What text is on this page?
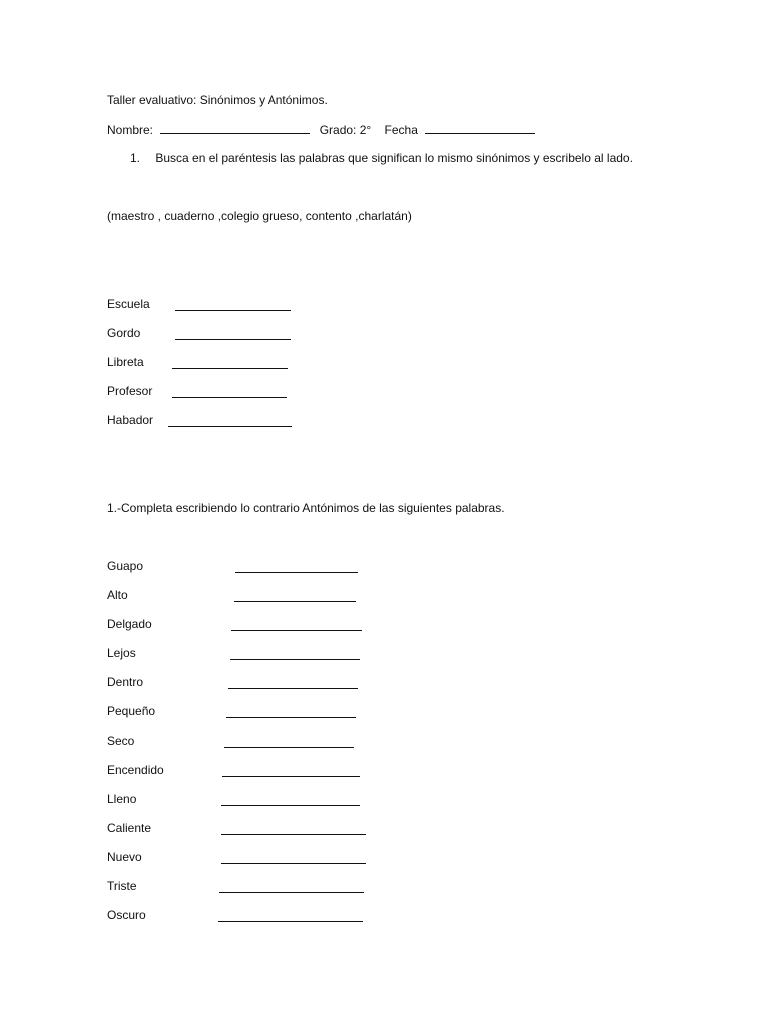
Taller evaluativo: Sinónimos y Antónimos.
Nombre:	Grado: 2° Fecha
1. Busca en el paréntesis las palabras que significan lo mismo sinónimos y escribelo al lado.
(maestro , cuaderno ,colegio grueso, contento ,charlatán)
Escuela
Gordo
Libreta
Profesor
Habador
1.-Completa escribiendo lo contrario Antónimos de las siguientes palabras.
Guapo
Alto
Delgado
Lejos
Dentro
Pequeño
Seco
Encendido
Lleno
Caliente
Nuevo
Triste
Oscuro
